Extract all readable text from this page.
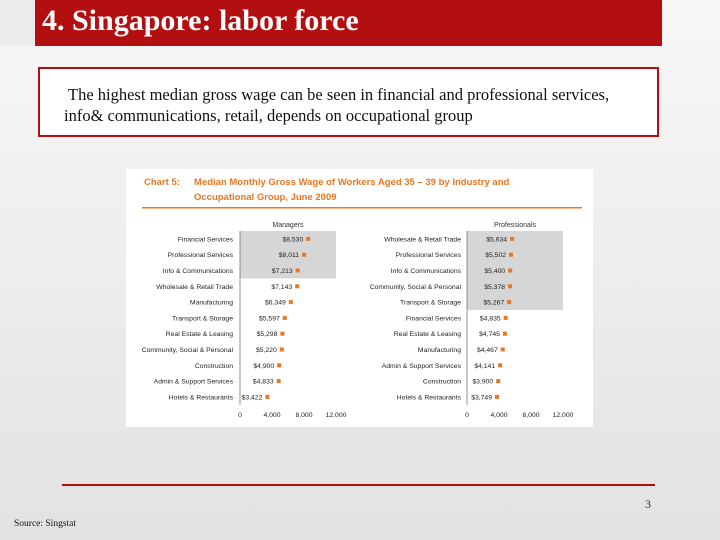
4. Singapore: labor force

The highest median gross wage can be seen in financial and professional services,
info& communications, retail, depends on occupational group

Chart 5: Median Monthly Gross Wage of Workers Aged 35 – 39 by Industry and
Occupational Group, June 2009
Managers
Financial Services	$8,530
Professional Services	$8,011
Info & Communications	$7,213
Wholesale & Retail Trade	$7,143
Manufacturing	$6,349
Transport & Storage	$5,597
Real Estate & Leasing	$5,298
Community, Social & Personal	$5,220
Construction	$4,900
Admin & Support Services	$4,833
Hotels & Restaurants $3,422
0	4,000 8,000 12,000
Professionals
Wholesale & Retail Trade	$5,634
Professional Services	$5,502
Info & Communications	$5,400
Community, Social & Personal	$5,378
Transport & Storage	$5,267
Financial Services	$4,835
Real Estate & Leasing	$4,745
Manufacturing $4,467
Admin & Support Services $4,141
Construction $3,900
Hotels & Restaurants $3,749
0	4,000 8,000 12,000
3
Source: Singstat
